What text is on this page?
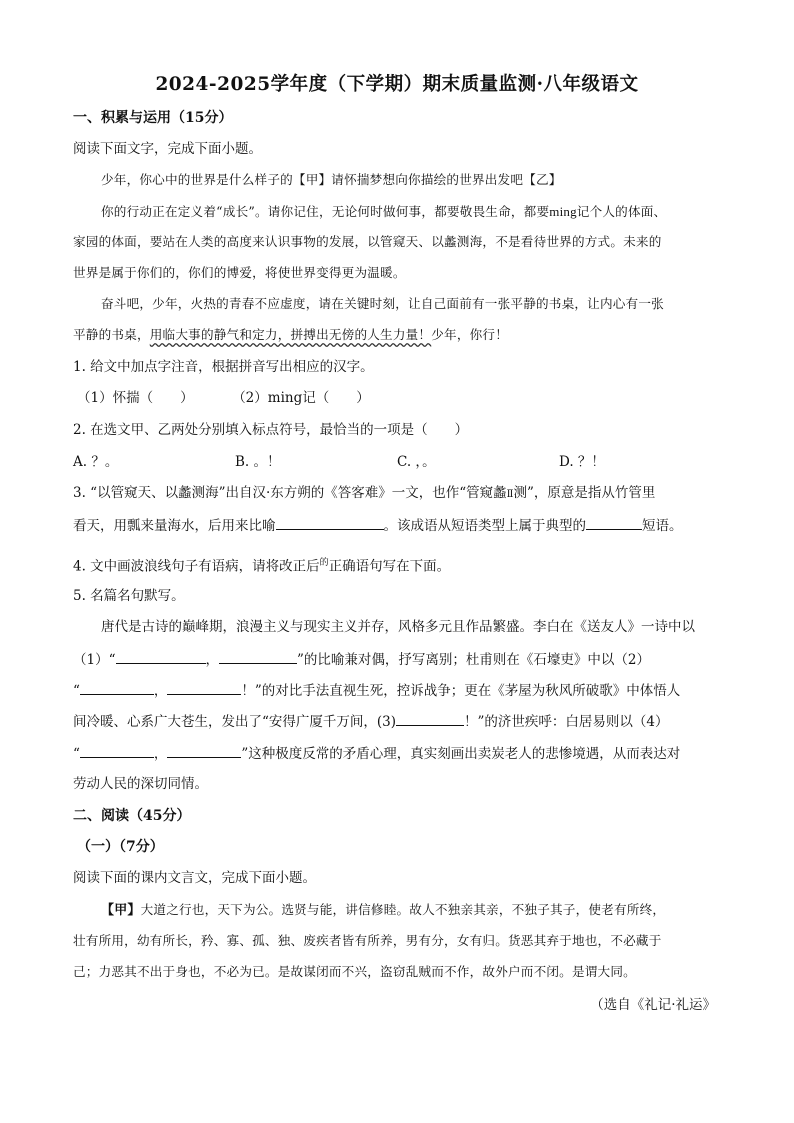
2024-2025学年度（下学期）期末质量监测·八年级语文
一、积累与运用（15分）
阅读下面文字，完成下面小题。
少年，你心中的世界是什么样子的【甲】请怀揣梦想向你描绘的世界出发吧【乙】
你的行动正在定义着“成长”。请你记住，无论何时做何事，都要敬畏生命，都要ming记个人的体面、
家园的体面，要站在人类的高度来认识事物的发展，以管窥天、以蠡测海，不是看待世界的方式。未来的
世界是属于你们的，你们的博爱，将使世界变得更为温暖。
奋斗吧，少年，火热的青春不应虚度，请在关键时刻，让自己面前有一张平静的书桌，让内心有一张
平静的书桌，用临大事的静气和定力，拼搏出无傍的人生力量！少年，你行！
1. 给文中加点字注音，根据拼音写出相应的汉字。
（1）怀揣（　　）	（2）ming记（　　）
2. 在选文甲、乙两处分别填入标点符号，最恰当的一项是（　　）
A. ？。	B. 。！	C. ，。	D. ？！
3. “以管窥天、以蠡测海”出自汉·东方朔的《答客难》一文，也作“管窥蠡Ⅱ测”，原意是指从竹管里
看天，用瓢来量海水，后用来比喻	。该成语从短语类型上属于典型的	短语。
4. 文中画波浪线句子有语病，请将改正后$^的$正确语句写在下面。
5. 名篇名句默写。
唐代是古诗的巅峰期，浪漫主义与现实主义并存，风格多元且作品繁盛。李白在《送友人》一诗中以
（1）“	，	”的比喻兼对偶，抒写离别；杜甫则在《石壕吏》中以（2）
“	，	！”的对比手法直视生死，控诉战争；更在《茅屋为秋风所破歌》中体悟人
间冷暖、心系广大苍生，发出了“安得广厦千万间，(3)	！”的济世疾呼：白居易则以（4）
“	，	”这种极度反常的矛盾心理，真实刻画出卖炭老人的悲惨境遇，从而表达对
劳动人民的深切同情。
二、阅读（45分）
（一）（7分）
阅读下面的课内文言文，完成下面小题。
【甲】大道之行也，天下为公。选贤与能，讲信修睦。故人不独亲其亲，不独子其子，使老有所终，
壮有所用，幼有所长，矜、寡、孤、独、废疾者皆有所养，男有分，女有归。货恶其弃于地也，不必藏于
己；力恶其不出于身也，不必为已。是故谋闭而不兴，盗窃乱贼而不作，故外户而不闭。是谓大同。
（选自《礼记·礼运》
